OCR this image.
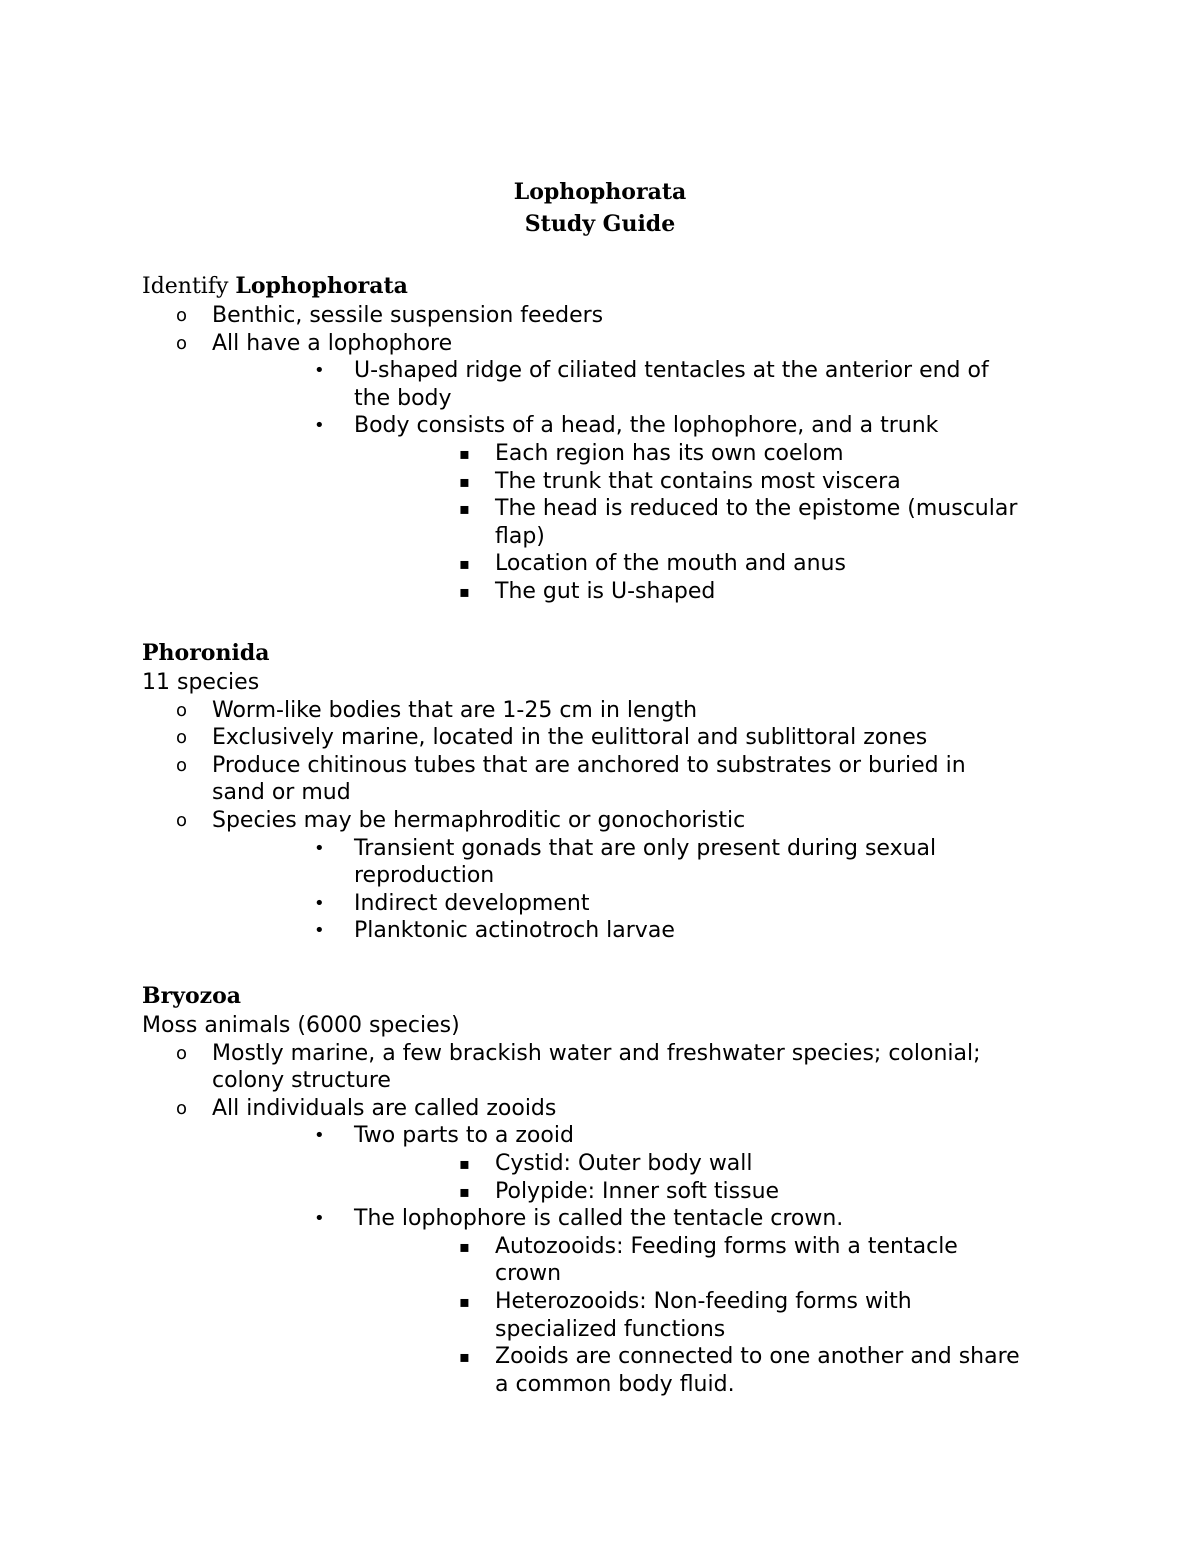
Lophophorata
Study Guide
Identify Lophophorata
o Benthic, sessile suspension feeders
o All have a lophophore
• U-shaped ridge of ciliated tentacles at the anterior end of
the body
• Body consists of a head, the lophophore, and a trunk
▪ Each region has its own coelom
▪ The trunk that contains most viscera
▪ The head is reduced to the epistome (muscular
flap)
▪ Location of the mouth and anus
▪ The gut is U-shaped
Phoronida
11 species
o Worm-like bodies that are 1-25 cm in length
o Exclusively marine, located in the eulittoral and sublittoral zones
o Produce chitinous tubes that are anchored to substrates or buried in
sand or mud
o Species may be hermaphroditic or gonochoristic
• Transient gonads that are only present during sexual
reproduction
• Indirect development
• Planktonic actinotroch larvae
Bryozoa
Moss animals (6000 species)
o Mostly marine, a few brackish water and freshwater species; colonial;
colony structure
o All individuals are called zooids
• Two parts to a zooid
▪ Cystid: Outer body wall
▪ Polypide: Inner soft tissue
• The lophophore is called the tentacle crown.
▪ Autozooids: Feeding forms with a tentacle
crown
▪ Heterozooids: Non-feeding forms with
specialized functions
▪ Zooids are connected to one another and share
a common body fluid.
